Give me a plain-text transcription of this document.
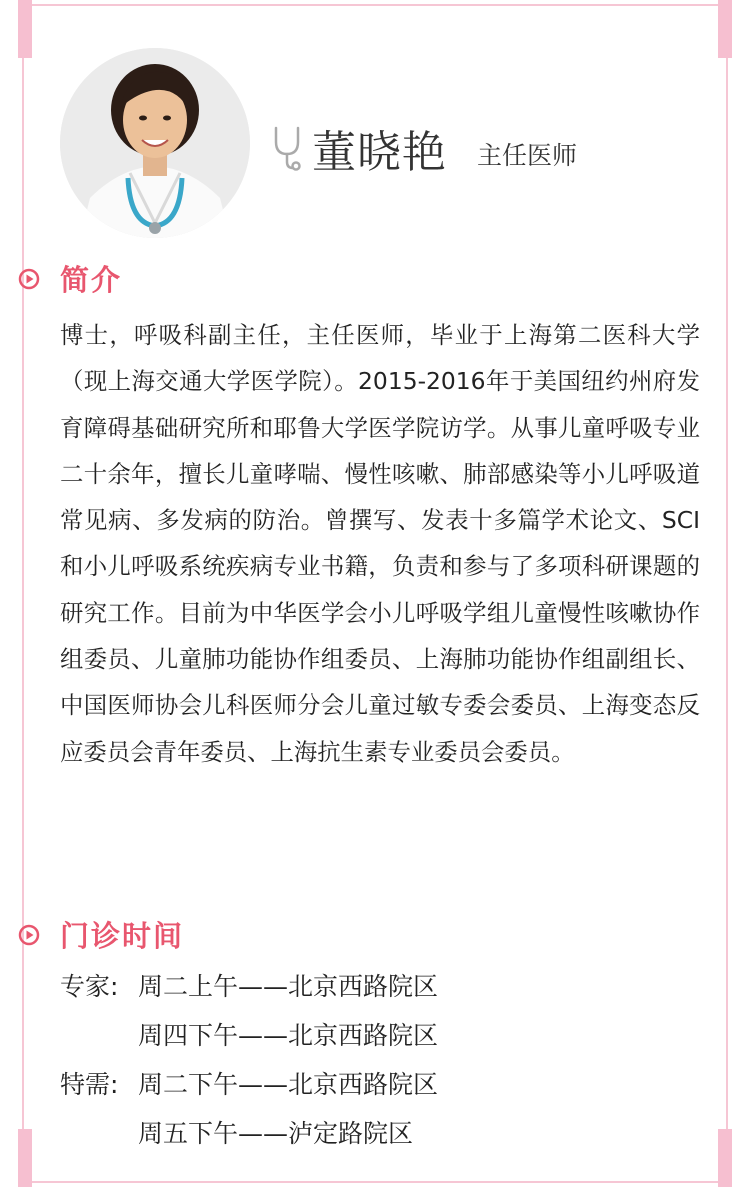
董晓艳 主任医师
简介
博士，呼吸科副主任，主任医师，毕业于上海第二医科大学（现上海交通大学医学院）。2015-2016年于美国纽约州府发育障碍基础研究所和耶鲁大学医学院访学。从事儿童呼吸专业二十余年，擅长儿童哮喘、慢性咳嗽、肺部感染等小儿呼吸道常见病、多发病的防治。曾撰写、发表十多篇学术论文、SCI和小儿呼吸系统疾病专业书籍，负责和参与了多项科研课题的研究工作。目前为中华医学会小儿呼吸学组儿童慢性咳嗽协作组委员、儿童肺功能协作组委员、上海肺功能协作组副组长、中国医师协会儿科医师分会儿童过敏专委会委员、上海变态反应委员会青年委员、上海抗生素专业委员会委员。
门诊时间
专家: 周二上午——北京西路院区
周四下午——北京西路院区
特需: 周二下午——北京西路院区
周五下午——泸定路院区
